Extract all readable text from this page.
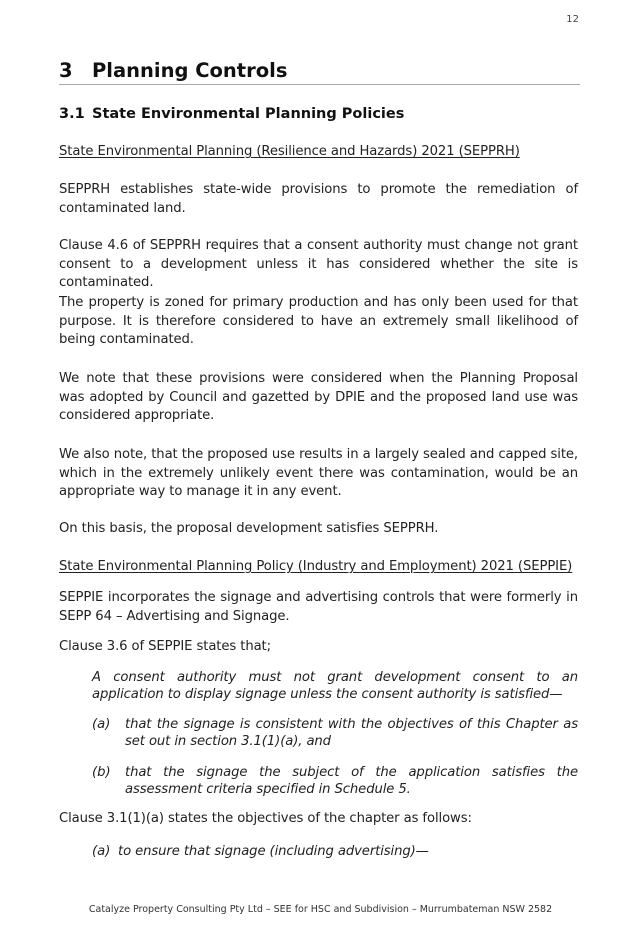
12
3 Planning Controls
3.1 State Environmental Planning Policies
State Environmental Planning (Resilience and Hazards) 2021 (SEPPRH)
SEPPRH establishes state-wide provisions to promote the remediation of contaminated land.
Clause 4.6 of SEPPRH requires that a consent authority must change not grant consent to a development unless it has considered whether the site is contaminated.
The property is zoned for primary production and has only been used for that purpose. It is therefore considered to have an extremely small likelihood of being contaminated.
We note that these provisions were considered when the Planning Proposal was adopted by Council and gazetted by DPIE and the proposed land use was considered appropriate.
We also note, that the proposed use results in a largely sealed and capped site, which in the extremely unlikely event there was contamination, would be an appropriate way to manage it in any event.
On this basis, the proposal development satisfies SEPPRH.
State Environmental Planning Policy (Industry and Employment) 2021 (SEPPIE)
SEPPIE incorporates the signage and advertising controls that were formerly in SEPP 64 – Advertising and Signage.
Clause 3.6 of SEPPIE states that;
A consent authority must not grant development consent to an application to display signage unless the consent authority is satisfied—
(a) that the signage is consistent with the objectives of this Chapter as set out in section 3.1(1)(a), and
(b) that the signage the subject of the application satisfies the assessment criteria specified in Schedule 5.
Clause 3.1(1)(a) states the objectives of the chapter as follows:
(a) to ensure that signage (including advertising)—
Catalyze Property Consulting Pty Ltd – SEE for HSC and Subdivision – Murrumbateman NSW 2582
